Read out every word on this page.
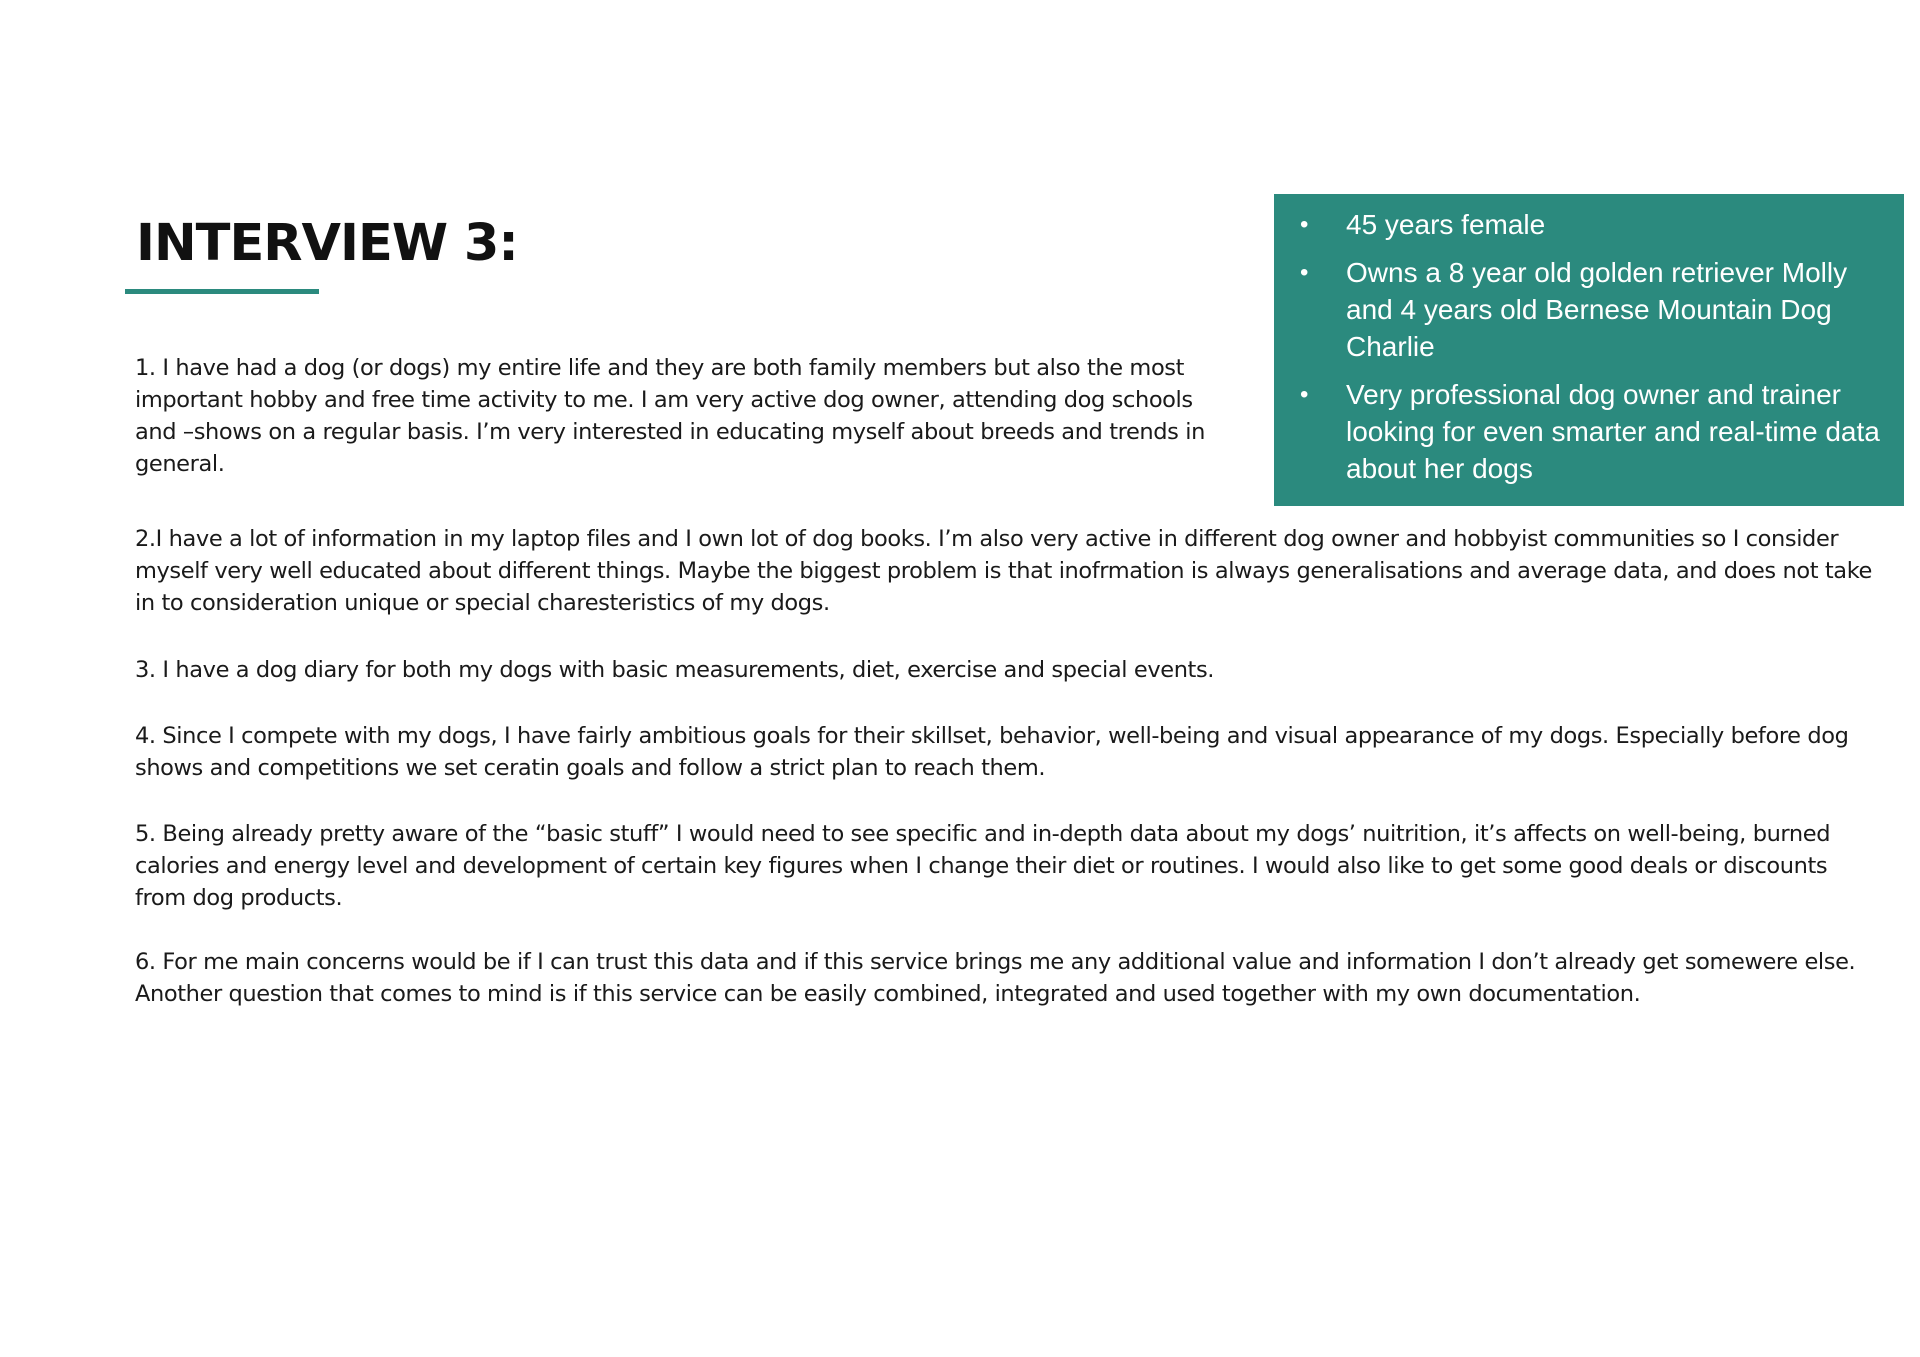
INTERVIEW 3:	• 45 years female
• Owns a 8 year old golden retriever Molly and 4 years old Bernese Mountain Dog Charlie
• Very professional dog owner and trainer looking for even smarter and real-time data about her dogs

1. I have had a dog (or dogs) my entire life and they are both family members but also the most important hobby and free time activity to me. I am very active dog owner, attending dog schools and –shows on a regular basis. I’m very interested in educating myself about breeds and trends in general.

2.I have a lot of information in my laptop files and I own lot of dog books. I’m also very active in different dog owner and hobbyist communities so I consider myself very well educated about different things. Maybe the biggest problem is that inofrmation is always generalisations and average data, and does not take in to consideration unique or special charesteristics of my dogs.

3. I have a dog diary for both my dogs with basic measurements, diet, exercise and special events.

4. Since I compete with my dogs, I have fairly ambitious goals for their skillset, behavior, well-being and visual appearance of my dogs. Especially before dog shows and competitions we set ceratin goals and follow a strict plan to reach them.

5. Being already pretty aware of the “basic stuff” I would need to see specific and in-depth data about my dogs’ nuitrition, it’s affects on well-being, burned calories and energy level and development of certain key figures when I change their diet or routines. I would also like to get some good deals or discounts from dog products.

6. For me main concerns would be if I can trust this data and if this service brings me any additional value and information I don’t already get somewere else. Another question that comes to mind is if this service can be easily combined, integrated and used together with my own documentation.
